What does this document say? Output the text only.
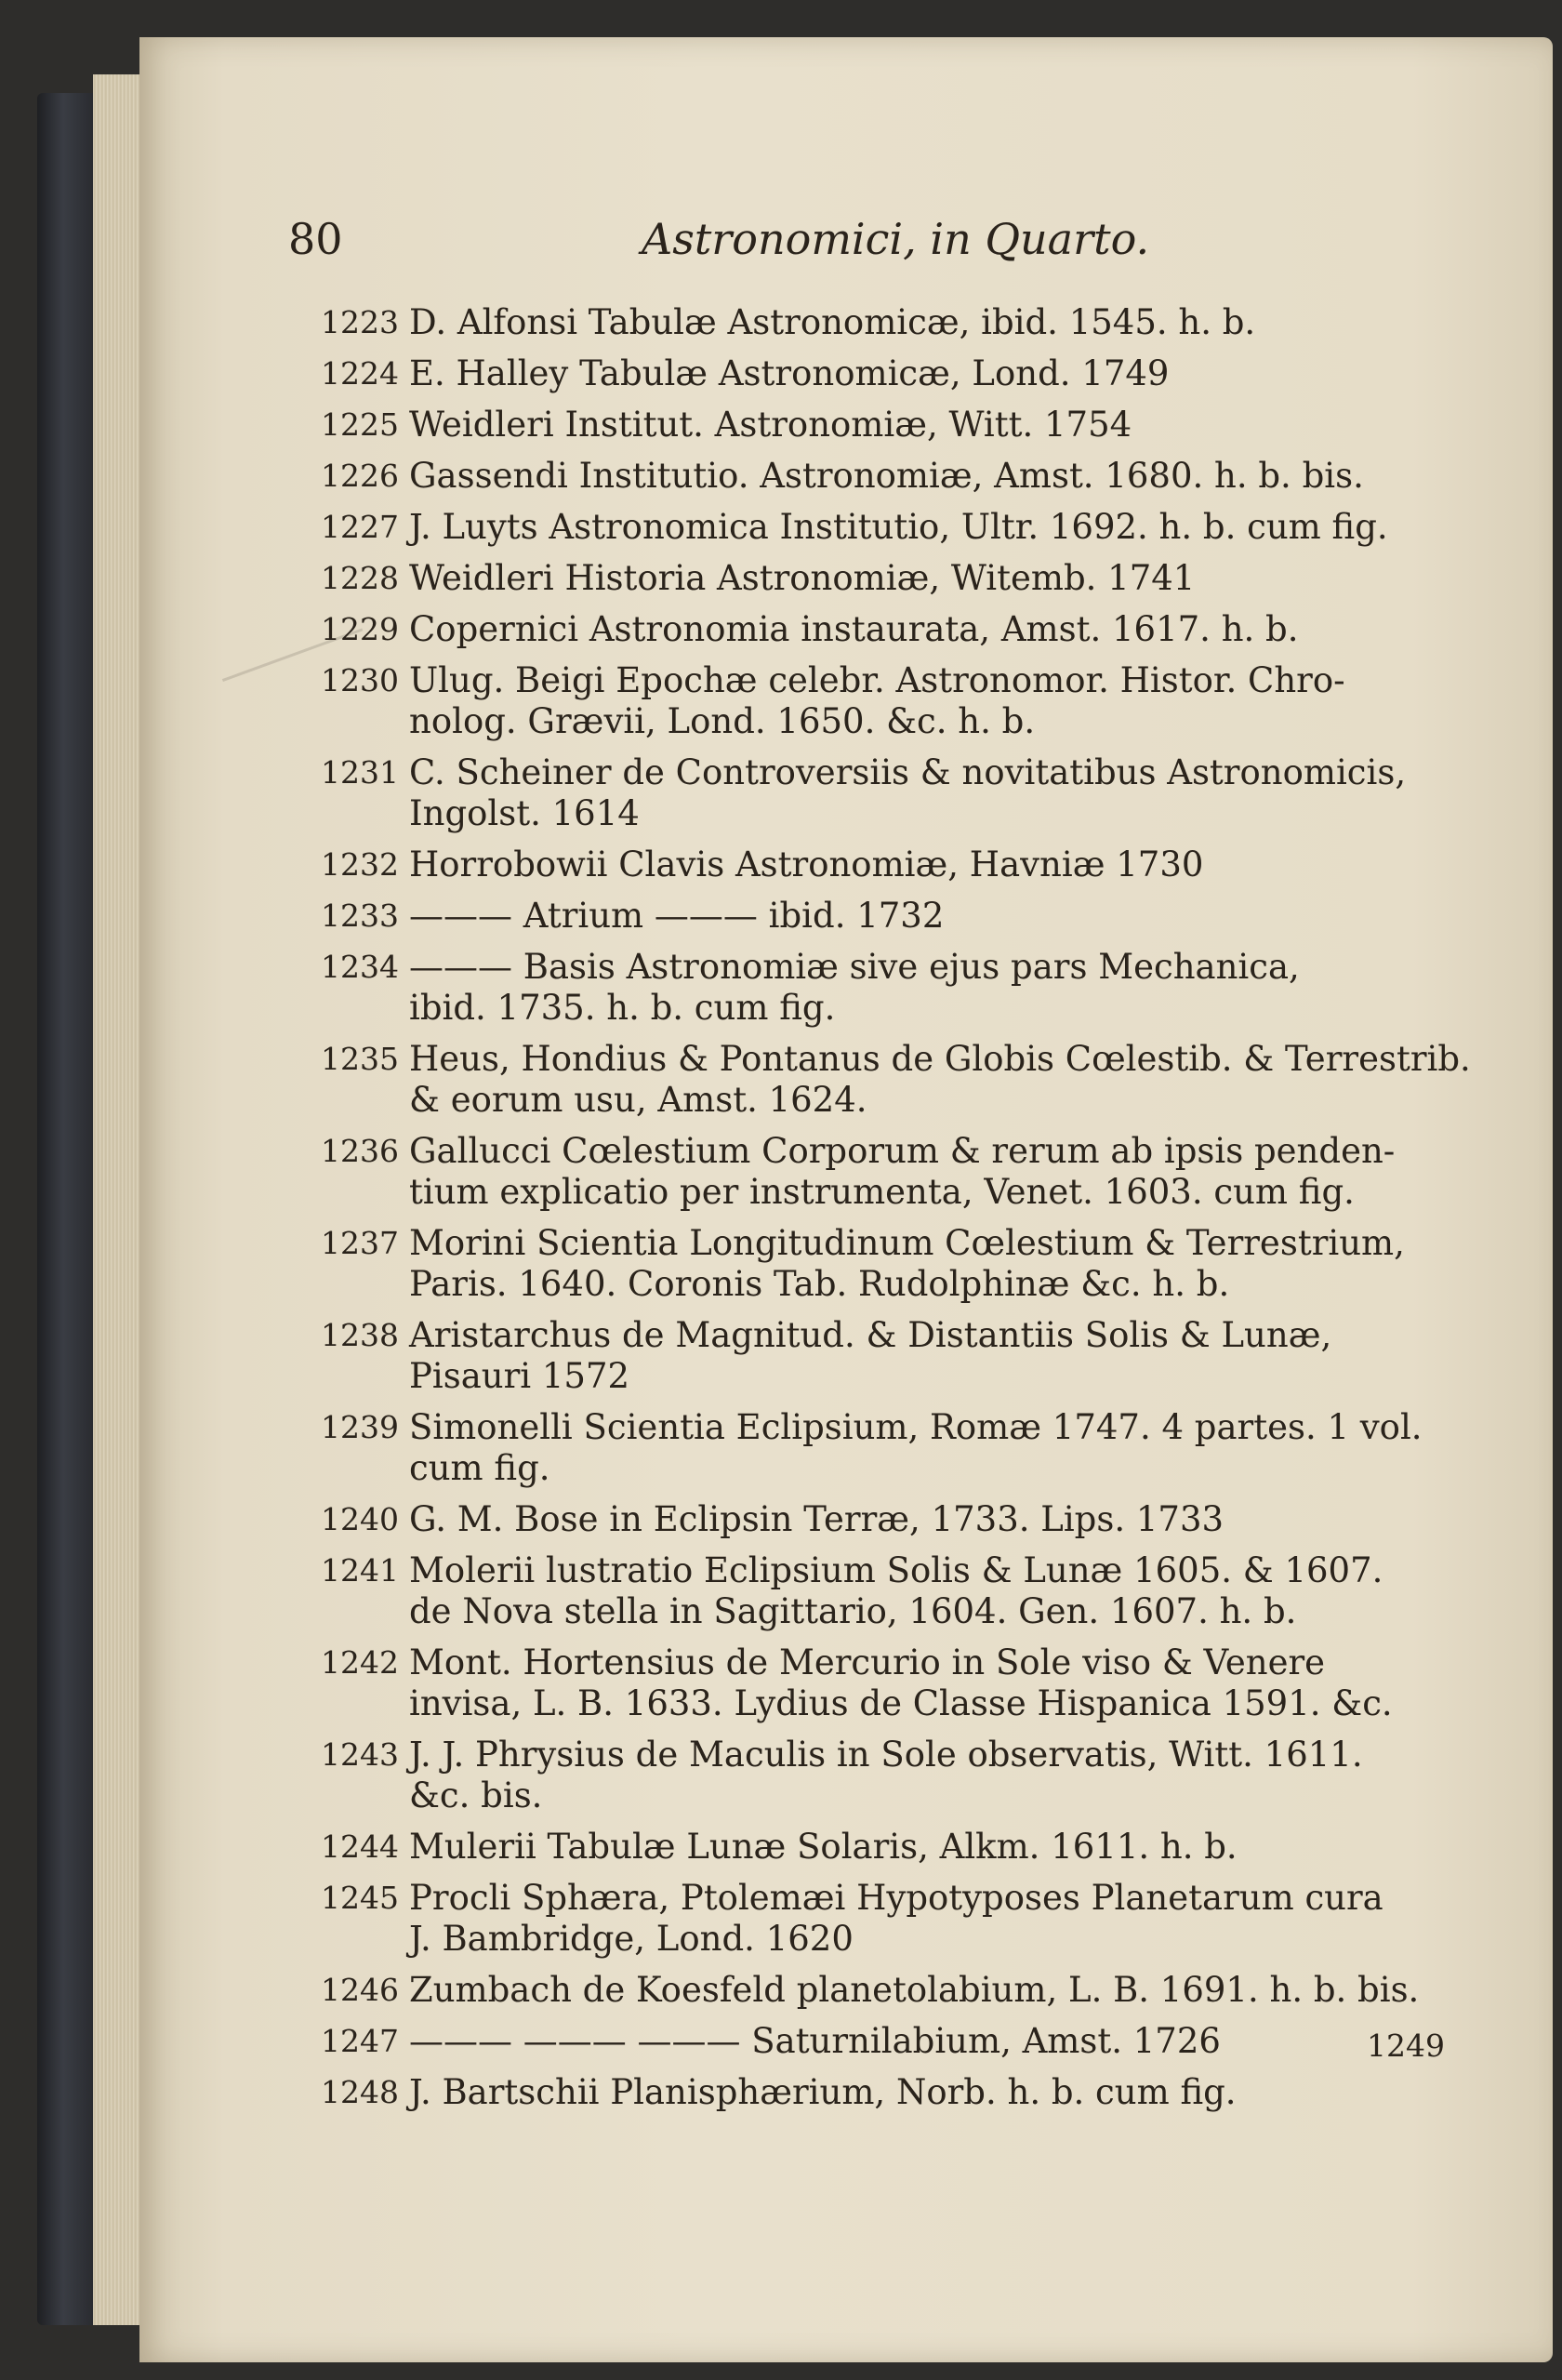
80	Astronomici, in Quarto.
1223 D. Alfonsi Tabulæ Astronomicæ, ibid. 1545. h. b.
1224 E. Halley Tabulæ Astronomicæ, Lond. 1749
1225 Weidleri Institut. Astronomiæ, Witt. 1754
1226 Gassendi Institutio. Astronomiæ, Amst. 1680. h. b. bis.
1227 J. Luyts Astronomica Institutio, Ultr. 1692. h. b. cum fig.
1228 Weidleri Historia Astronomiæ, Witemb. 1741
1229 Copernici Astronomia instaurata, Amst. 1617. h. b.
1230 Ulug. Beigi Epochæ celebr. Astronomor. Histor. Chro-
nolog. Grævii, Lond. 1650. &c. h. b.
1231 C. Scheiner de Controversiis & novitatibus Astronomicis,
Ingolst. 1614
1232 Horrobowii Clavis Astronomiæ, Havniæ 1730
1233 ——— Atrium ——— ibid. 1732
1234 ——— Basis Astronomiæ sive ejus pars Mechanica,
ibid. 1735. h. b. cum fig.
1235 Heus, Hondius & Pontanus de Globis Cœlestib. & Terrestrib.
& eorum usu, Amst. 1624.
1236 Gallucci Cœlestium Corporum & rerum ab ipsis penden-
tium explicatio per instrumenta, Venet. 1603. cum fig.
1237 Morini Scientia Longitudinum Cœlestium & Terrestrium,
Paris. 1640. Coronis Tab. Rudolphinæ &c. h. b.
1238 Aristarchus de Magnitud. & Distantiis Solis & Lunæ,
Pisauri 1572
1239 Simonelli Scientia Eclipsium, Romæ 1747. 4 partes. 1 vol.
cum fig.
1240 G. M. Bose in Eclipsin Terræ, 1733. Lips. 1733
1241 Molerii lustratio Eclipsium Solis & Lunæ 1605. & 1607.
de Nova stella in Sagittario, 1604. Gen. 1607. h. b.
1242 Mont. Hortensius de Mercurio in Sole viso & Venere
invisa, L. B. 1633. Lydius de Classe Hispanica 1591. &c.
1243 J. J. Phrysius de Maculis in Sole observatis, Witt. 1611.
&c. bis.
1244 Mulerii Tabulæ Lunæ Solaris, Alkm. 1611. h. b.
1245 Procli Sphæra, Ptolemæi Hypotyposes Planetarum cura
J. Bambridge, Lond. 1620
1246 Zumbach de Koesfeld planetolabium, L. B. 1691. h. b. bis.
1247 ——— ——— ——— Saturnilabium, Amst. 1726
1248 J. Bartschii Planisphærium, Norb. h. b. cum fig.
1249
